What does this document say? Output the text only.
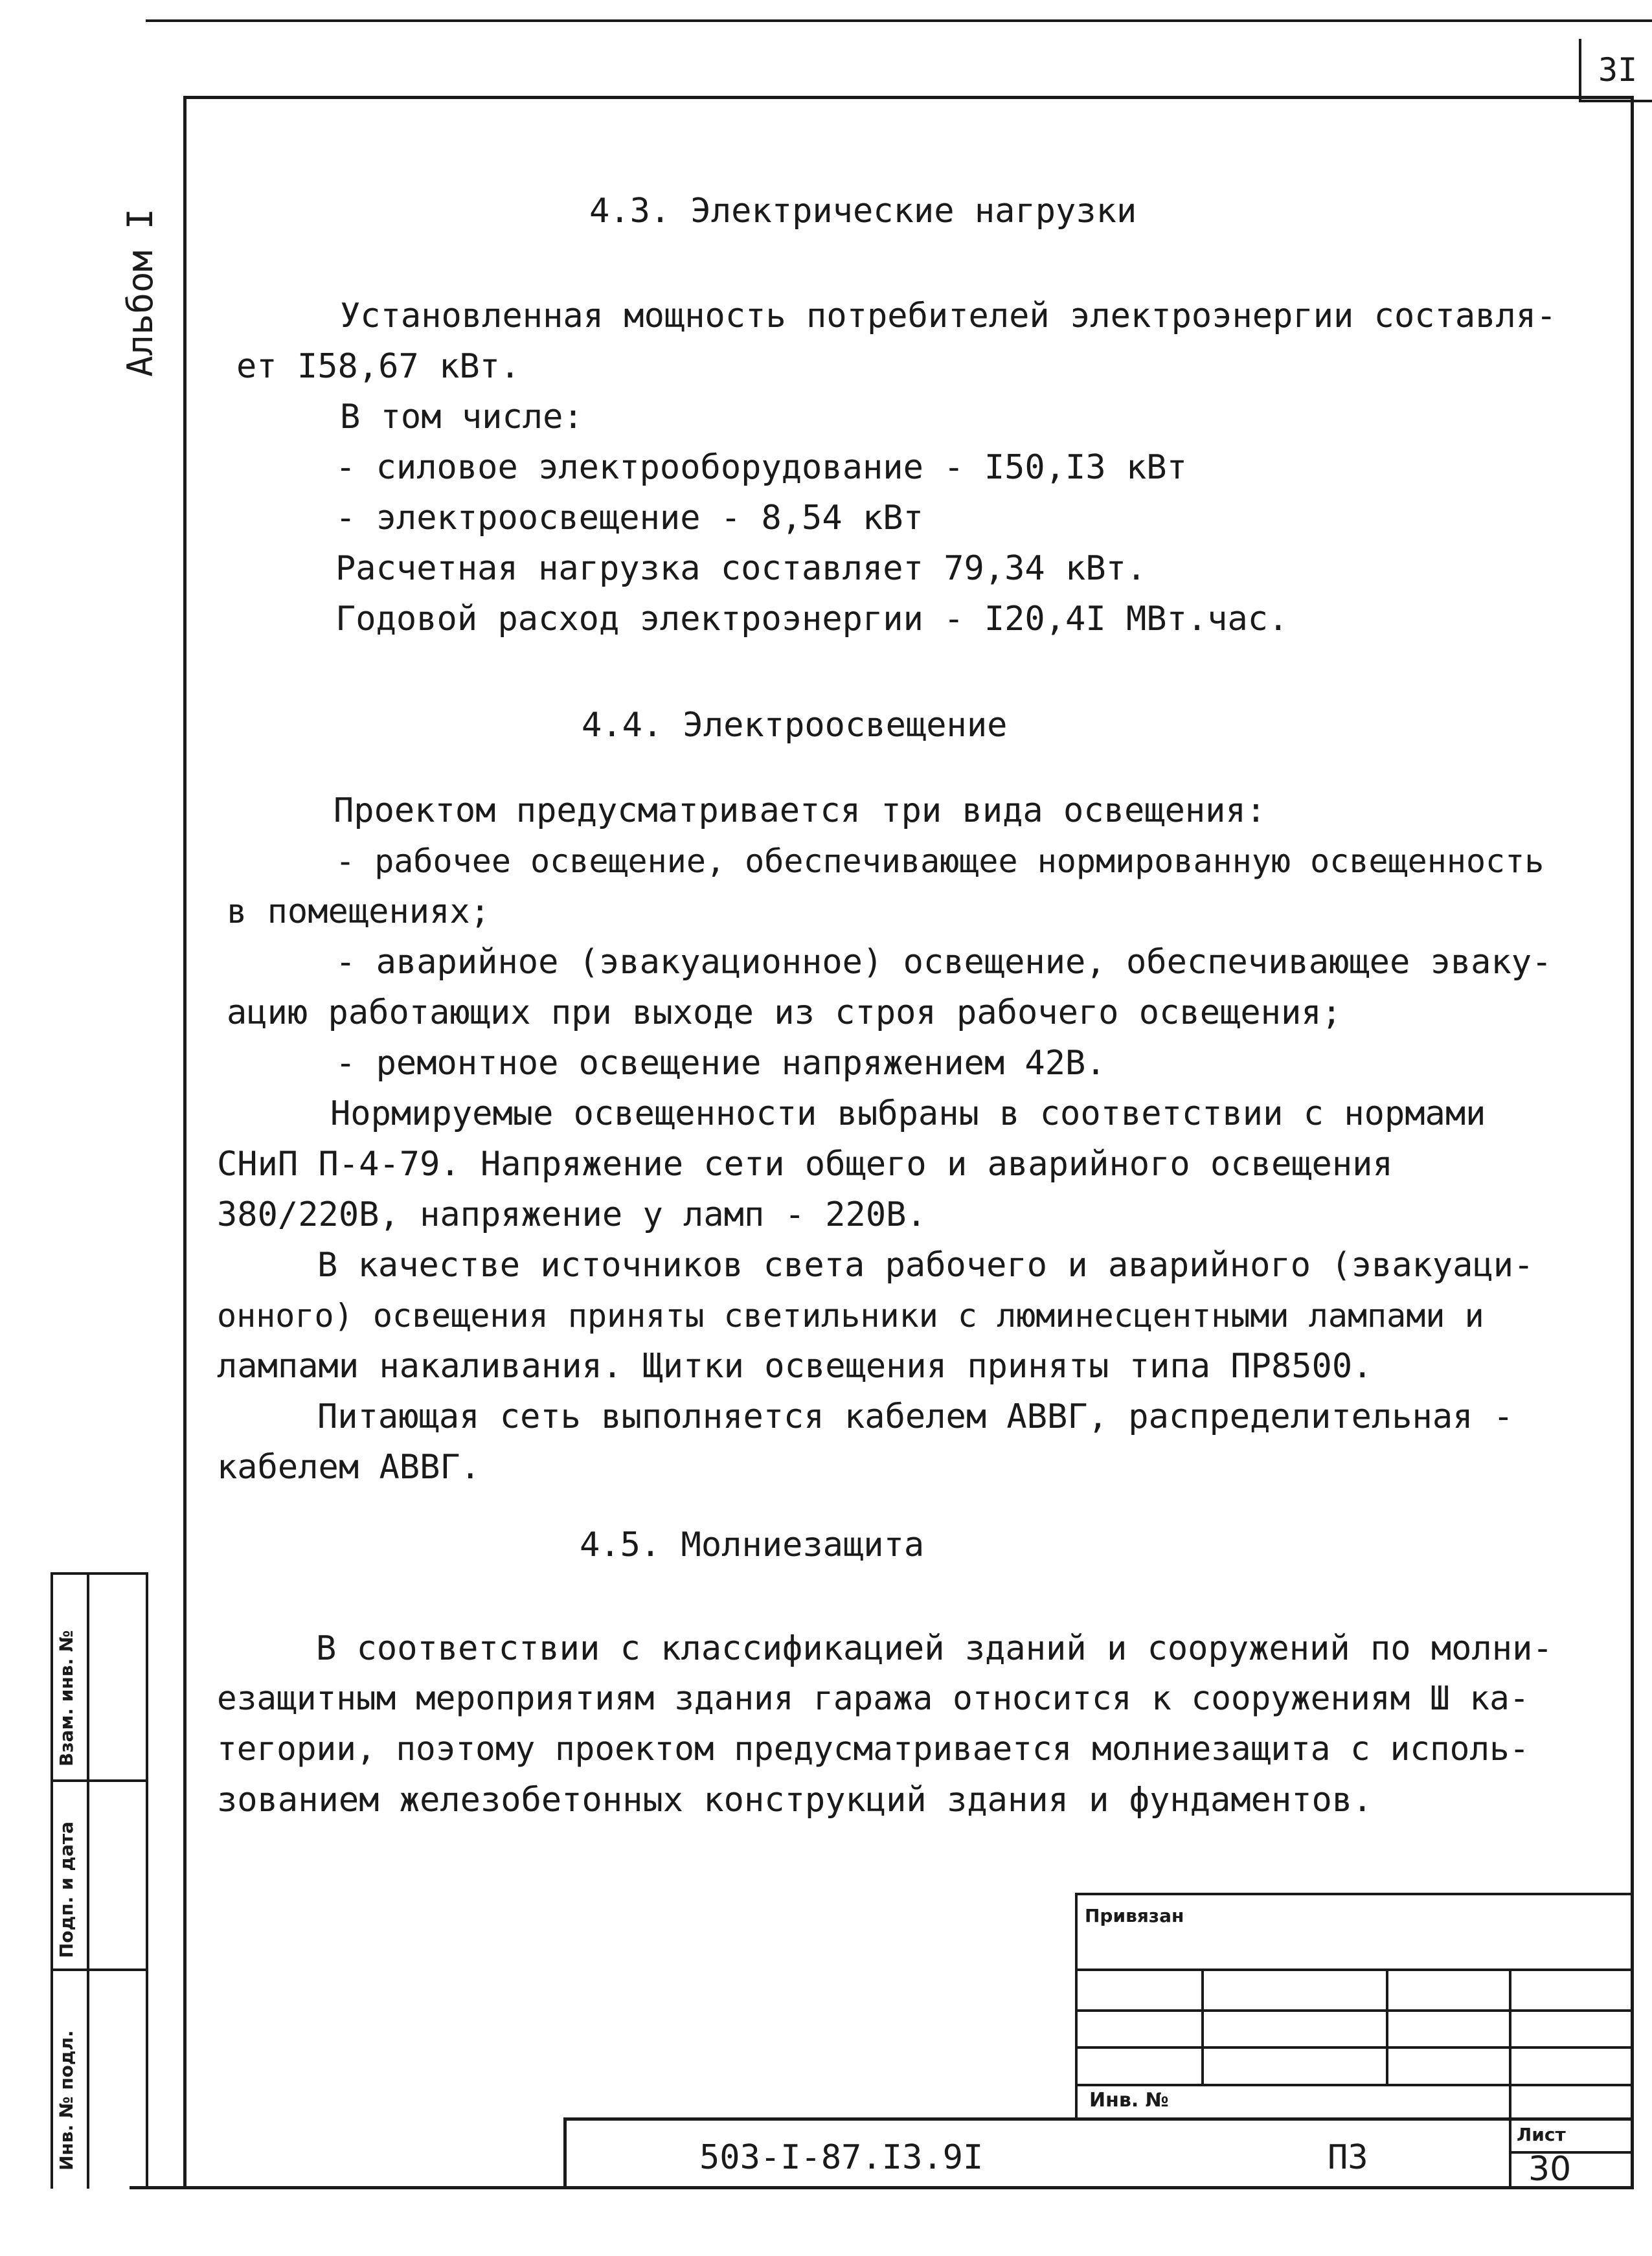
3I
Альбом I
Взам. инв. №
Подп. и дата
Инв. № подл.
4.3. Электрические нагрузки
Установленная мощность потребителей электроэнергии составля-
ет I58,67 кВт.
В том числе:
- силовое электрооборудование - I50,I3 кВт
- электроосвещение - 8,54 кВт
Расчетная нагрузка составляет 79,34 кВт.
Годовой расход электроэнергии - I20,4I МВт.час.
4.4. Электроосвещение
Проектом предусматривается три вида освещения:
- рабочее освещение, обеспечивающее нормированную освещенность
в помещениях;
- аварийное (эвакуационное) освещение, обеспечивающее эваку-
ацию работающих при выходе из строя рабочего освещения;
- ремонтное освещение напряжением 42В.
Нормируемые освещенности выбраны в соответствии с нормами
СНиП П-4-79. Напряжение сети общего и аварийного освещения
380/220В, напряжение у ламп - 220В.
В качестве источников света рабочего и аварийного (эвакуаци-
онного) освещения приняты светильники с люминесцентными лампами и
лампами накаливания. Щитки освещения приняты типа ПР8500.
Питающая сеть выполняется кабелем АВВГ, распределительная -
кабелем АВВГ.
4.5. Молниезащита
В соответствии с классификацией зданий и сооружений по молни-
езащитным мероприятиям здания гаража относится к сооружениям Ш ка-
тегории, поэтому проектом предусматривается молниезащита с исполь-
зованием железобетонных конструкций здания и фундаментов.
Привязан
Инв. №
503-I-87.I3.9I	ПЗ
Лист
30
